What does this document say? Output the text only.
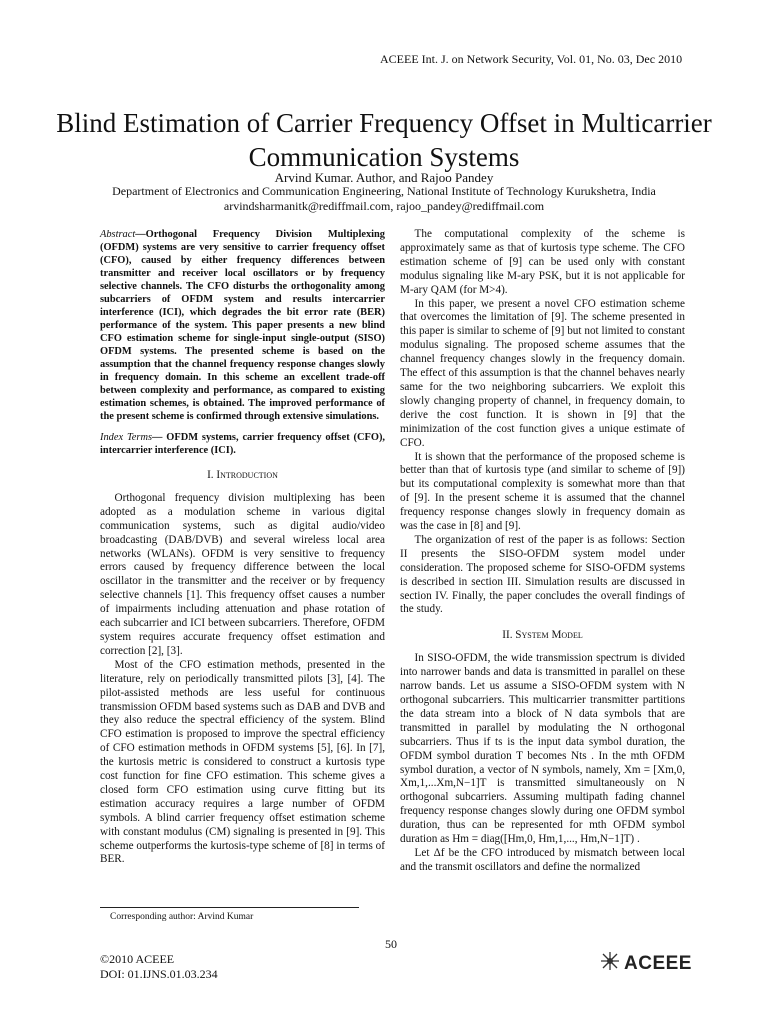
ACEEE Int. J. on Network Security, Vol. 01, No. 03, Dec 2010
Blind Estimation of Carrier Frequency Offset in Multicarrier Communication Systems
Arvind Kumar. Author, and Rajoo Pandey
Department of Electronics and Communication Engineering, National Institute of Technology Kurukshetra, India
arvindsharmanitk@rediffmail.com, rajoo_pandey@rediffmail.com

Abstract—Orthogonal Frequency Division Multiplexing (OFDM) systems are very sensitive to carrier frequency offset (CFO), caused by either frequency differences between transmitter and receiver local oscillators or by frequency selective channels. The CFO disturbs the orthogonality among subcarriers of OFDM system and results intercarrier interference (ICI), which degrades the bit error rate (BER) performance of the system. This paper presents a new blind CFO estimation scheme for single-input single-output (SISO) OFDM systems. The presented scheme is based on the assumption that the channel frequency response changes slowly in frequency domain. In this scheme an excellent trade-off between complexity and performance, as compared to existing estimation schemes, is obtained. The improved performance of the present scheme is confirmed through extensive simulations.

Index Terms— OFDM systems, carrier frequency offset (CFO), intercarrier interference (ICI).

I. Introduction

Orthogonal frequency division multiplexing has been adopted as a modulation scheme in various digital communication systems, such as digital audio/video broadcasting (DAB/DVB) and several wireless local area networks (WLANs). OFDM is very sensitive to frequency errors caused by frequency difference between the local oscillator in the transmitter and the receiver or by frequency selective channels [1]. This frequency offset causes a number of impairments including attenuation and phase rotation of each subcarrier and ICI between subcarriers. Therefore, OFDM system requires accurate frequency offset estimation and correction [2], [3].

Most of the CFO estimation methods, presented in the literature, rely on periodically transmitted pilots [3], [4]. The pilot-assisted methods are less useful for continuous transmission OFDM based systems such as DAB and DVB and they also reduce the spectral efficiency of the system. Blind CFO estimation is proposed to improve the spectral efficiency of CFO estimation methods in OFDM systems [5], [6]. In [7], the kurtosis metric is considered to construct a kurtosis type cost function for fine CFO estimation. This scheme gives a closed form CFO estimation using curve fitting but its estimation accuracy requires a large number of OFDM symbols. A blind carrier frequency offset estimation scheme with constant modulus (CM) signaling is presented in [9]. This scheme outperforms the kurtosis-type scheme of [8] in terms of BER.

The computational complexity of the scheme is approximately same as that of kurtosis type scheme. The CFO estimation scheme of [9] can be used only with constant modulus signaling like M-ary PSK, but it is not applicable for M-ary QAM (for M>4).

In this paper, we present a novel CFO estimation scheme that overcomes the limitation of [9]. The scheme presented in this paper is similar to scheme of [9] but not limited to constant modulus signaling. The proposed scheme assumes that the channel frequency changes slowly in the frequency domain. The effect of this assumption is that the channel behaves nearly same for the two neighboring subcarriers. We exploit this slowly changing property of channel, in frequency domain, to derive the cost function. It is shown in [9] that the minimization of the cost function gives a unique estimate of CFO.

It is shown that the performance of the proposed scheme is better than that of kurtosis type (and similar to scheme of [9]) but its computational complexity is somewhat more than that of [9]. In the present scheme it is assumed that the channel frequency response changes slowly in frequency domain as was the case in [8] and [9].

The organization of rest of the paper is as follows: Section II presents the SISO-OFDM system model under consideration. The proposed scheme for SISO-OFDM systems is described in section III. Simulation results are discussed in section IV. Finally, the paper concludes the overall findings of the study.

II. System Model

In SISO-OFDM, the wide transmission spectrum is divided into narrower bands and data is transmitted in parallel on these narrow bands. Let us assume a SISO-OFDM system with N orthogonal subcarriers. This multicarrier transmitter partitions the data stream into a block of N data symbols that are transmitted in parallel by modulating the N orthogonal subcarriers. Thus if ts is the input data symbol duration, the OFDM symbol duration T becomes Nts . In the mth OFDM symbol duration, a vector of N symbols, namely, Xm = [Xm,0, Xm,1,...Xm,N−1]T is transmitted simultaneously on N orthogonal subcarriers. Assuming multipath fading channel frequency response changes slowly during one OFDM symbol duration, thus can be represented for mth OFDM symbol duration as Hm = diag([Hm,0, Hm,1,..., Hm,N−1]T) .

Let Δf be the CFO introduced by mismatch between local and the transmit oscillators and define the normalized

Corresponding author: Arvind Kumar
50
©2010 ACEEE
DOI: 01.IJNS.01.03.234
ACEEE
